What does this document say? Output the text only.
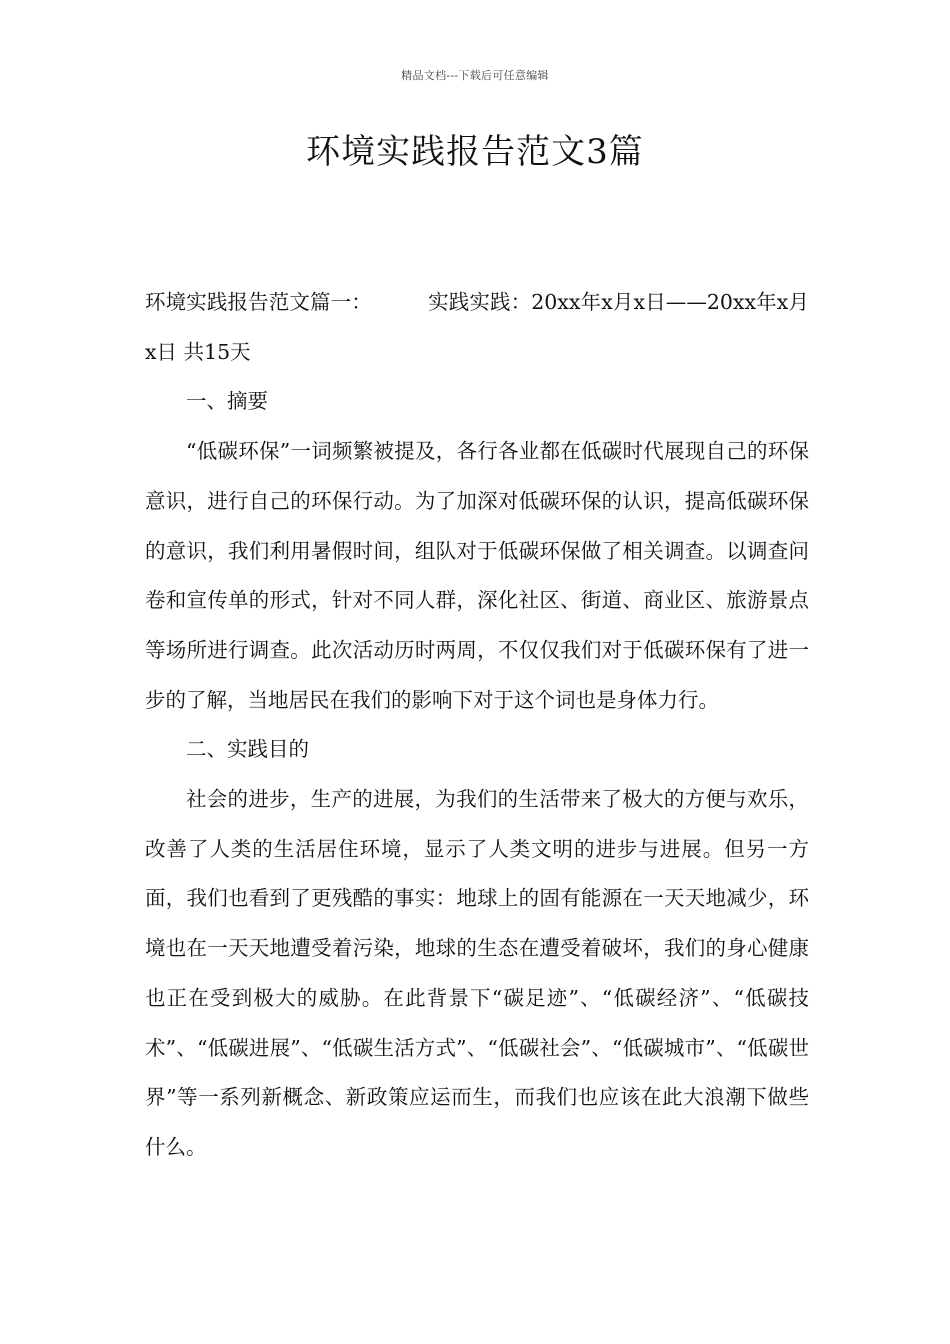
精品文档---下载后可任意编辑
环境实践报告范文3篇

环境实践报告范文篇一：	实践实践：20xx年x月x日——20xx年x月x日 共15天

一、摘要

“低碳环保”一词频繁被提及，各行各业都在低碳时代展现自己的环保意识，进行自己的环保行动。为了加深对低碳环保的认识，提高低碳环保的意识，我们利用暑假时间，组队对于低碳环保做了相关调查。以调查问卷和宣传单的形式，针对不同人群，深化社区、街道、商业区、旅游景点等场所进行调查。此次活动历时两周，不仅仅我们对于低碳环保有了进一步的了解，当地居民在我们的影响下对于这个词也是身体力行。

二、实践目的

社会的进步，生产的进展，为我们的生活带来了极大的方便与欢乐，改善了人类的生活居住环境，显示了人类文明的进步与进展。但另一方面，我们也看到了更残酷的事实：地球上的固有能源在一天天地减少，环境也在一天天地遭受着污染，地球的生态在遭受着破坏，我们的身心健康也正在受到极大的威胁。在此背景下“碳足迹”、“低碳经济”、“低碳技术”、“低碳进展”、“低碳生活方式”、“低碳社会”、“低碳城市”、“低碳世界”等一系列新概念、新政策应运而生，而我们也应该在此大浪潮下做些什么。
